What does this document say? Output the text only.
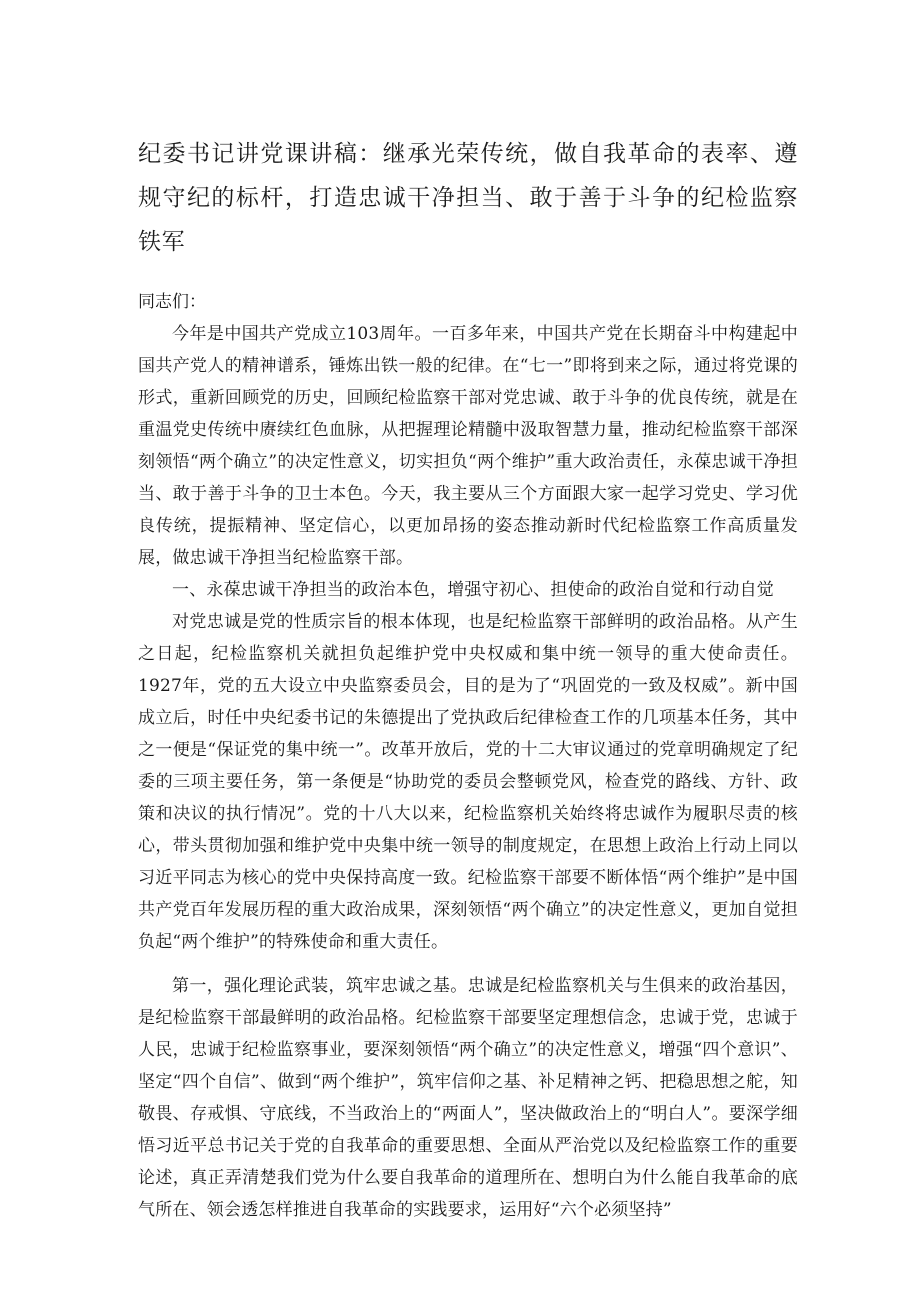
纪委书记讲党课讲稿：继承光荣传统，做自我革命的表率、遵规守纪的标杆，打造忠诚干净担当、敢于善于斗争的纪检监察铁军

同志们：

今年是中国共产党成立103周年。一百多年来，中国共产党在长期奋斗中构建起中国共产党人的精神谱系，锤炼出铁一般的纪律。在“七一”即将到来之际，通过将党课的形式，重新回顾党的历史，回顾纪检监察干部对党忠诚、敢于斗争的优良传统，就是在重温党史传统中赓续红色血脉，从把握理论精髓中汲取智慧力量，推动纪检监察干部深刻领悟“两个确立”的决定性意义，切实担负“两个维护”重大政治责任，永葆忠诚干净担当、敢于善于斗争的卫士本色。今天，我主要从三个方面跟大家一起学习党史、学习优良传统，提振精神、坚定信心，以更加昂扬的姿态推动新时代纪检监察工作高质量发展，做忠诚干净担当纪检监察干部。

一、永葆忠诚干净担当的政治本色，增强守初心、担使命的政治自觉和行动自觉

对党忠诚是党的性质宗旨的根本体现，也是纪检监察干部鲜明的政治品格。从产生之日起，纪检监察机关就担负起维护党中央权威和集中统一领导的重大使命责任。1927年，党的五大设立中央监察委员会，目的是为了“巩固党的一致及权威”。新中国成立后，时任中央纪委书记的朱德提出了党执政后纪律检查工作的几项基本任务，其中之一便是“保证党的集中统一”。改革开放后，党的十二大审议通过的党章明确规定了纪委的三项主要任务，第一条便是“协助党的委员会整顿党风，检查党的路线、方针、政策和决议的执行情况”。党的十八大以来，纪检监察机关始终将忠诚作为履职尽责的核心，带头贯彻加强和维护党中央集中统一领导的制度规定，在思想上政治上行动上同以习近平同志为核心的党中央保持高度一致。纪检监察干部要不断体悟“两个维护”是中国共产党百年发展历程的重大政治成果，深刻领悟“两个确立”的决定性意义，更加自觉担负起“两个维护”的特殊使命和重大责任。

第一，强化理论武装，筑牢忠诚之基。忠诚是纪检监察机关与生俱来的政治基因，是纪检监察干部最鲜明的政治品格。纪检监察干部要坚定理想信念，忠诚于党，忠诚于人民，忠诚于纪检监察事业，要深刻领悟“两个确立”的决定性意义，增强“四个意识”、坚定“四个自信”、做到“两个维护”，筑牢信仰之基、补足精神之钙、把稳思想之舵，知敬畏、存戒惧、守底线，不当政治上的“两面人”，坚决做政治上的“明白人”。要深学细悟习近平总书记关于党的自我革命的重要思想、全面从严治党以及纪检监察工作的重要论述，真正弄清楚我们党为什么要自我革命的道理所在、想明白为什么能自我革命的底气所在、领会透怎样推进自我革命的实践要求，运用好“六个必须坚持”
